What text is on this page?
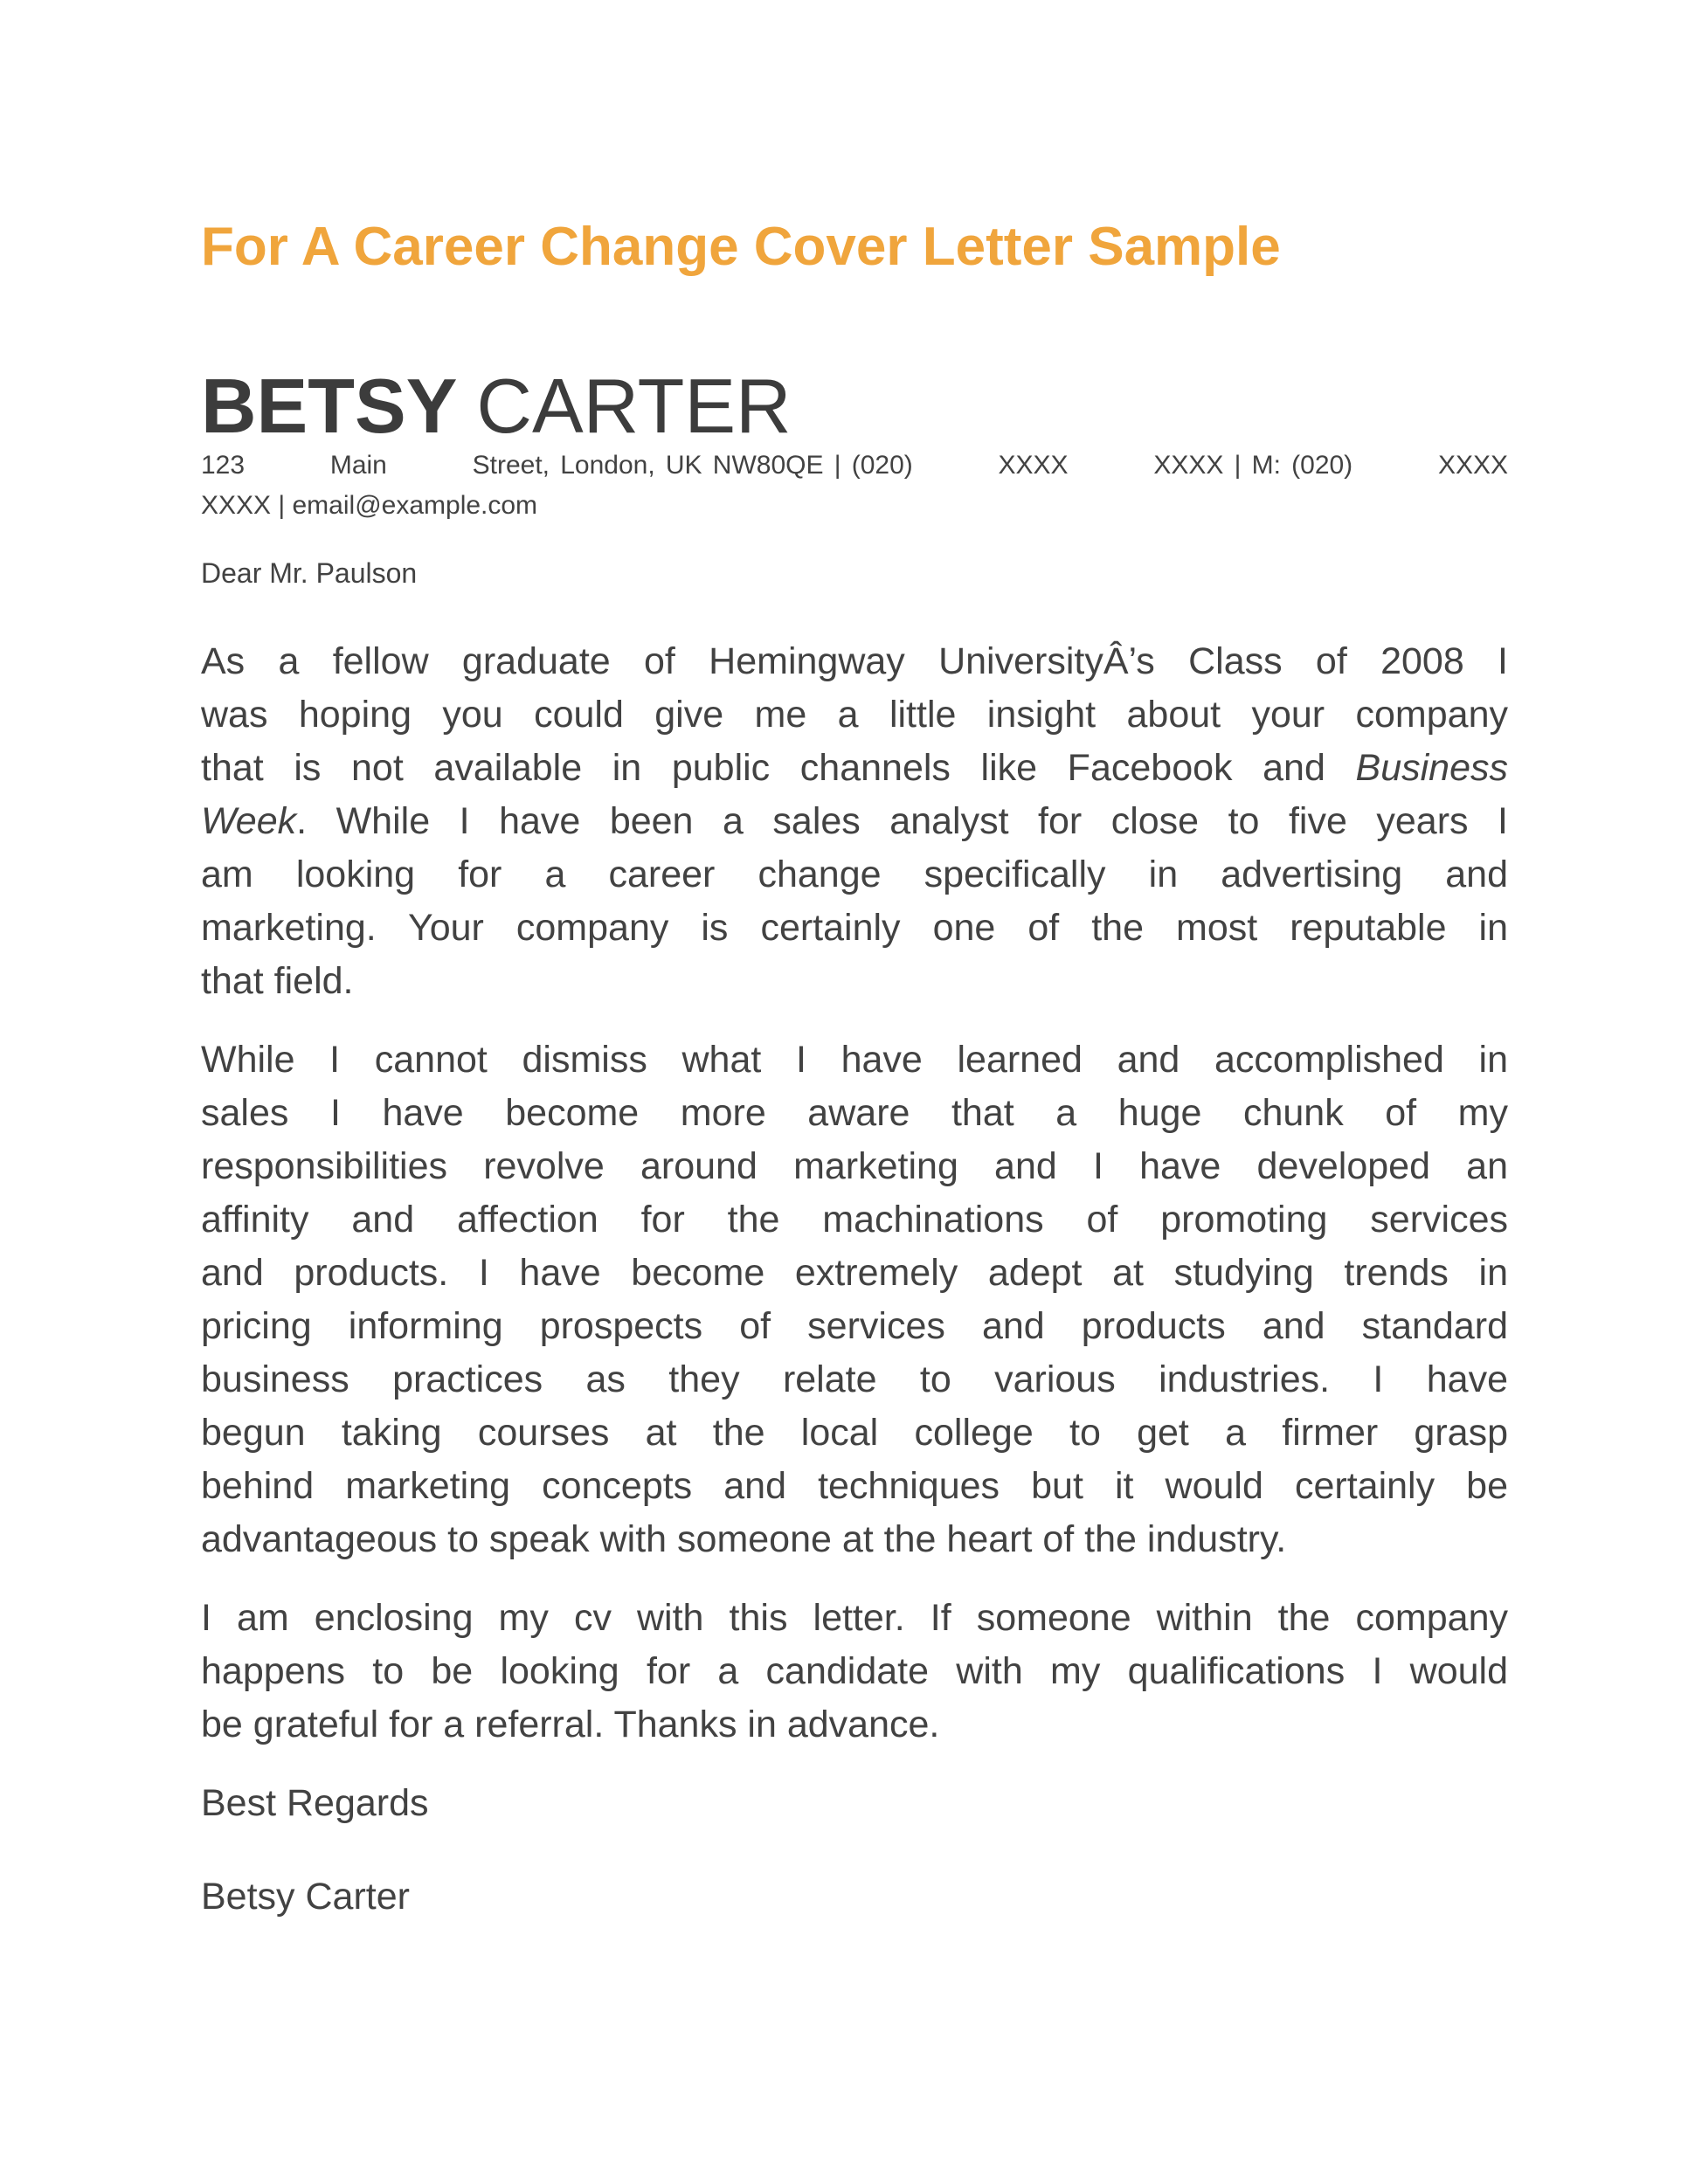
For A Career Change Cover Letter Sample
BETSY CARTER
123        Main        Street, London, UK NW80QE | (020)        XXXX        XXXX | M: (020)        XXXX
XXXX | email@example.com
Dear Mr. Paulson
As a fellow graduate of Hemingway UniversityÂ’s Class of 2008 I
was hoping you could give me a little insight about your company
that is not available in public channels like Facebook and Business
Week. While I have been a sales analyst for close to five years I
am looking for a career change specifically in advertising and
marketing. Your company is certainly one of the most reputable in
that field.
While I cannot dismiss what I have learned and accomplished in
sales I have become more aware that a huge chunk of my
responsibilities revolve around marketing and I have developed an
affinity and affection for the machinations of promoting services
and products. I have become extremely adept at studying trends in
pricing informing prospects of services and products and standard
business practices as they relate to various industries. I have
begun taking courses at the local college to get a firmer grasp
behind marketing concepts and techniques but it would certainly be
advantageous to speak with someone at the heart of the industry.
I am enclosing my cv with this letter. If someone within the company
happens to be looking for a candidate with my qualifications I would
be grateful for a referral. Thanks in advance.
Best Regards
Betsy Carter
